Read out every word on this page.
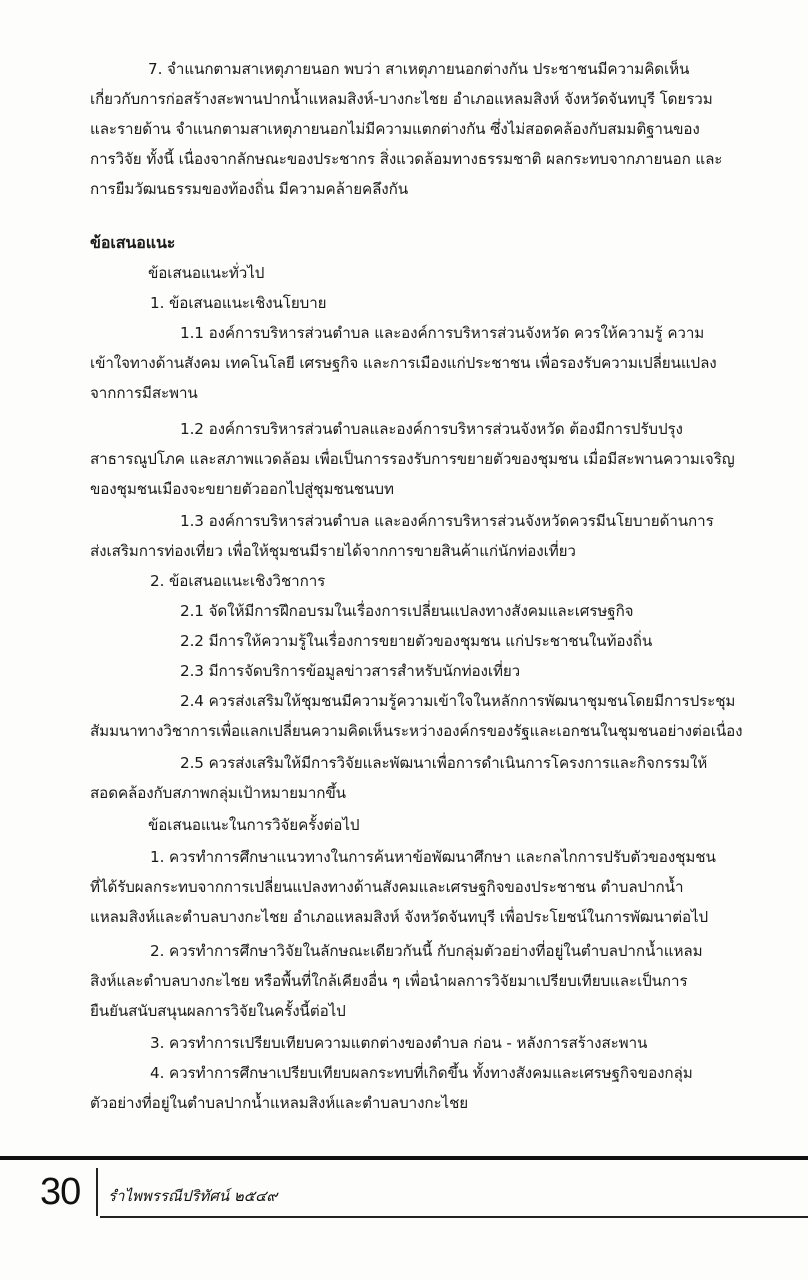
7. จำแนกตามสาเหตุภายนอก พบว่า สาเหตุภายนอกต่างกัน ประชาชนมีความคิดเห็น
เกี่ยวกับการก่อสร้างสะพานปากน้ำแหลมสิงห์-บางกะไชย อำเภอแหลมสิงห์ จังหวัดจันทบุรี โดยรวม
และรายด้าน จำแนกตามสาเหตุภายนอกไม่มีความแตกต่างกัน ซึ่งไม่สอดคล้องกับสมมติฐานของ
การวิจัย ทั้งนี้ เนื่องจากลักษณะของประชากร สิ่งแวดล้อมทางธรรมชาติ ผลกระทบจากภายนอก และ
การยืมวัฒนธรรมของท้องถิ่น มีความคล้ายคลึงกัน
ข้อเสนอแนะ
ข้อเสนอแนะทั่วไป
1. ข้อเสนอแนะเชิงนโยบาย
1.1 องค์การบริหารส่วนตำบล และองค์การบริหารส่วนจังหวัด ควรให้ความรู้ ความ
เข้าใจทางด้านสังคม เทคโนโลยี เศรษฐกิจ และการเมืองแก่ประชาชน เพื่อรองรับความเปลี่ยนแปลง
จากการมีสะพาน
1.2 องค์การบริหารส่วนตำบลและองค์การบริหารส่วนจังหวัด ต้องมีการปรับปรุง
สาธารณูปโภค และสภาพแวดล้อม เพื่อเป็นการรองรับการขยายตัวของชุมชน เมื่อมีสะพานความเจริญ
ของชุมชนเมืองจะขยายตัวออกไปสู่ชุมชนชนบท
1.3 องค์การบริหารส่วนตำบล และองค์การบริหารส่วนจังหวัดควรมีนโยบายด้านการ
ส่งเสริมการท่องเที่ยว เพื่อให้ชุมชนมีรายได้จากการขายสินค้าแก่นักท่องเที่ยว
2. ข้อเสนอแนะเชิงวิชาการ
2.1 จัดให้มีการฝึกอบรมในเรื่องการเปลี่ยนแปลงทางสังคมและเศรษฐกิจ
2.2 มีการให้ความรู้ในเรื่องการขยายตัวของชุมชน แก่ประชาชนในท้องถิ่น
2.3 มีการจัดบริการข้อมูลข่าวสารสำหรับนักท่องเที่ยว
2.4 ควรส่งเสริมให้ชุมชนมีความรู้ความเข้าใจในหลักการพัฒนาชุมชนโดยมีการประชุม
สัมมนาทางวิชาการเพื่อแลกเปลี่ยนความคิดเห็นระหว่างองค์กรของรัฐและเอกชนในชุมชนอย่างต่อเนื่อง
2.5 ควรส่งเสริมให้มีการวิจัยและพัฒนาเพื่อการดำเนินการโครงการและกิจกรรมให้
สอดคล้องกับสภาพกลุ่มเป้าหมายมากขึ้น
ข้อเสนอแนะในการวิจัยครั้งต่อไป
1. ควรทำการศึกษาแนวทางในการค้นหาข้อพัฒนาศึกษา และกลไกการปรับตัวของชุมชน
ที่ได้รับผลกระทบจากการเปลี่ยนแปลงทางด้านสังคมและเศรษฐกิจของประชาชน ตำบลปากน้ำ
แหลมสิงห์และตำบลบางกะไชย อำเภอแหลมสิงห์ จังหวัดจันทบุรี เพื่อประโยชน์ในการพัฒนาต่อไป
2. ควรทำการศึกษาวิจัยในลักษณะเดียวกันนี้ กับกลุ่มตัวอย่างที่อยู่ในตำบลปากน้ำแหลม
สิงห์และตำบลบางกะไชย หรือพื้นที่ใกล้เคียงอื่น ๆ เพื่อนำผลการวิจัยมาเปรียบเทียบและเป็นการ
ยืนยันสนับสนุนผลการวิจัยในครั้งนี้ต่อไป
3. ควรทำการเปรียบเทียบความแตกต่างของตำบล ก่อน - หลังการสร้างสะพาน
4. ควรทำการศึกษาเปรียบเทียบผลกระทบที่เกิดขึ้น ทั้งทางสังคมและเศรษฐกิจของกลุ่ม
ตัวอย่างที่อยู่ในตำบลปากน้ำแหลมสิงห์และตำบลบางกะไชย
30 รำไพพรรณีปริทัศน์ ๒๕๔๙
